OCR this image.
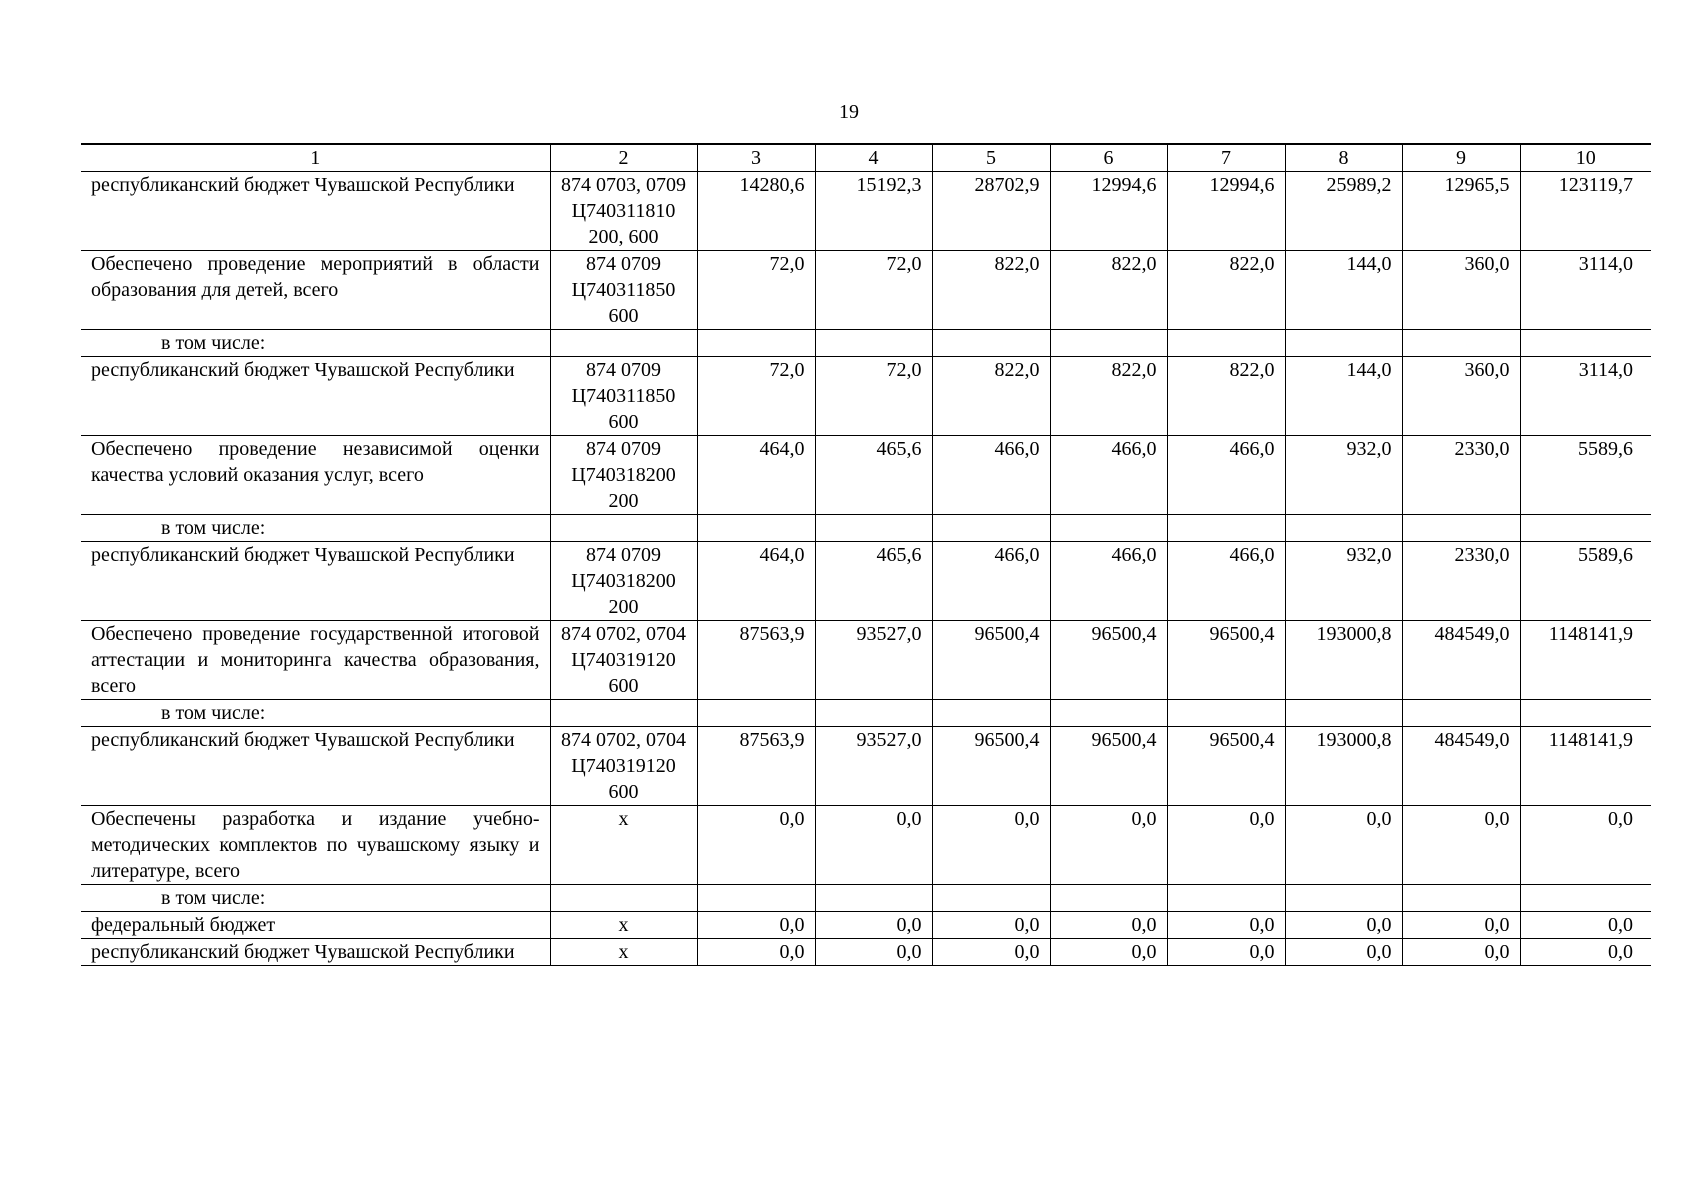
19
1	2	3	4	5	6	7	8	9	10
республиканский бюджет Чувашской Республики	874 0703, 0709 Ц740311810 200, 600	14280,6	15192,3	28702,9	12994,6	12994,6	25989,2	12965,5	123119,7
Обеспечено проведение мероприятий в области образования для детей, всего	874 0709 Ц740311850 600	72,0	72,0	822,0	822,0	822,0	144,0	360,0	3114,0
в том числе:									
республиканский бюджет Чувашской Республики	874 0709 Ц740311850 600	72,0	72,0	822,0	822,0	822,0	144,0	360,0	3114,0
Обеспечено проведение независимой оценки качества условий оказания услуг, всего	874 0709 Ц740318200 200	464,0	465,6	466,0	466,0	466,0	932,0	2330,0	5589,6
в том числе:									
республиканский бюджет Чувашской Республики	874 0709 Ц740318200 200	464,0	465,6	466,0	466,0	466,0	932,0	2330,0	5589,6
Обеспечено проведение государственной итоговой аттестации и мониторинга качества образования, всего	874 0702, 0704 Ц740319120 600	87563,9	93527,0	96500,4	96500,4	96500,4	193000,8	484549,0	1148141,9
в том числе:									
республиканский бюджет Чувашской Республики	874 0702, 0704 Ц740319120 600	87563,9	93527,0	96500,4	96500,4	96500,4	193000,8	484549,0	1148141,9
Обеспечены разработка и издание учебно-методических комплектов по чувашскому языку и литературе, всего	х	0,0	0,0	0,0	0,0	0,0	0,0	0,0	0,0
в том числе:									
федеральный бюджет	х	0,0	0,0	0,0	0,0	0,0	0,0	0,0	0,0
республиканский бюджет Чувашской Республики	х	0,0	0,0	0,0	0,0	0,0	0,0	0,0	0,0
